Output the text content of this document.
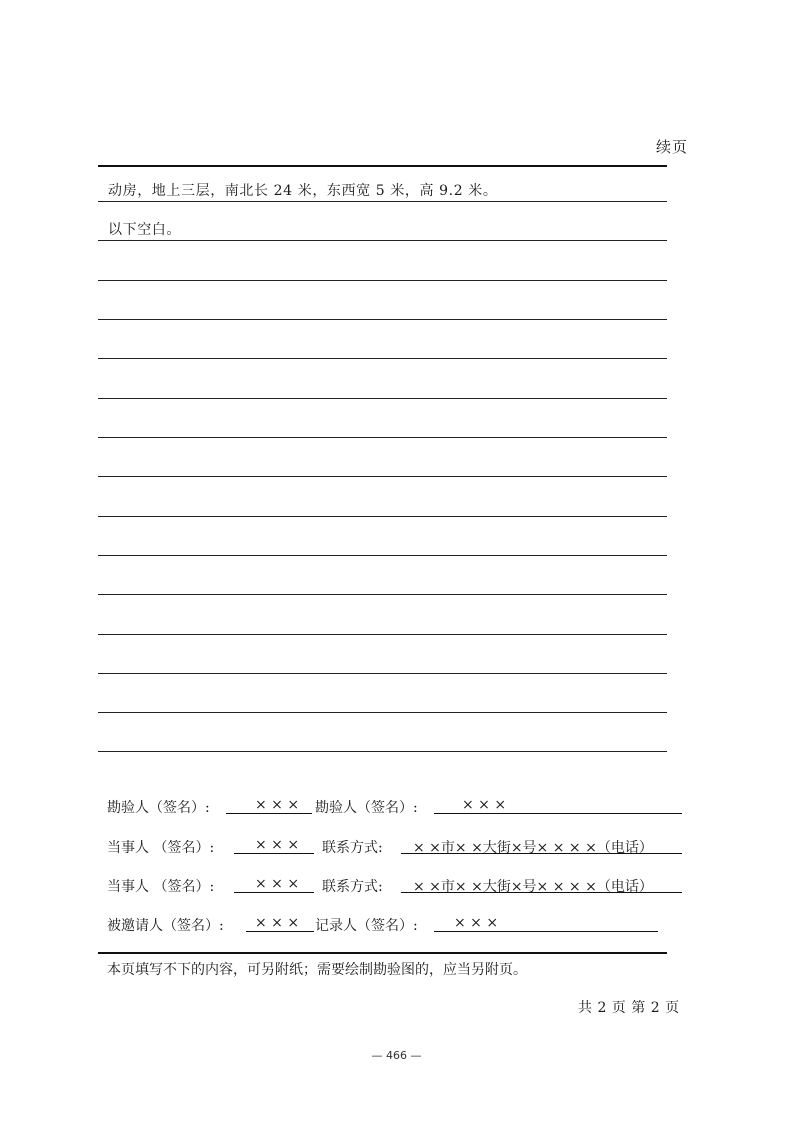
续页
动房，地上三层，南北长 24 米，东西宽 5 米，高 9.2 米。
以下空白。
勘验人（签名）:	× × × 勘验人（签名）:	× × ×
当事人 （签名）:	× × × 联系方式: × ×市× ×大街×号× × × ×（电话）
当事人 （签名）:	× × × 联系方式: × ×市× ×大街×号× × × ×（电话）
被邀请人（签名）: × × × 记录人（签名）:	× × ×
本页填写不下的内容，可另附纸；需要绘制勘验图的，应当另附页。
共 2 页 第 2 页
— 466 —
